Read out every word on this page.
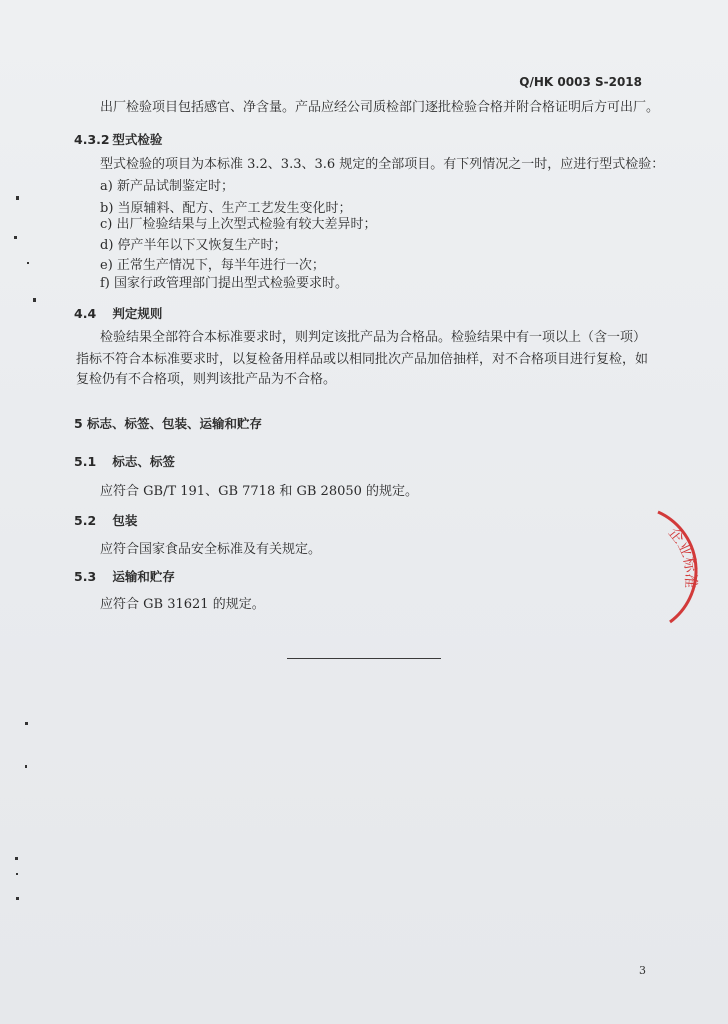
Q/HK 0003 S-2018
出厂检验项目包括感官、净含量。产品应经公司质检部门逐批检验合格并附合格证明后方可出厂。
4.3.2 型式检验
型式检验的项目为本标准 3.2、3.3、3.6 规定的全部项目。有下列情况之一时，应进行型式检验：
a) 新产品试制鉴定时；
b) 当原辅料、配方、生产工艺发生变化时；
c) 出厂检验结果与上次型式检验有较大差异时；
d) 停产半年以下又恢复生产时；
e) 正常生产情况下，每半年进行一次；
f) 国家行政管理部门提出型式检验要求时。
4.4 判定规则
检验结果全部符合本标准要求时，则判定该批产品为合格品。检验结果中有一项以上（含一项）
指标不符合本标准要求时，以复检备用样品或以相同批次产品加倍抽样，对不合格项目进行复检，如
复检仍有不合格项，则判该批产品为不合格。
5 标志、标签、包装、运输和贮存
5.1 标志、标签
应符合 GB/T 191、GB 7718 和 GB 28050 的规定。
5.2 包装
应符合国家食品安全标准及有关规定。
5.3 运输和贮存
应符合 GB 31621 的规定。
企业标准
3
